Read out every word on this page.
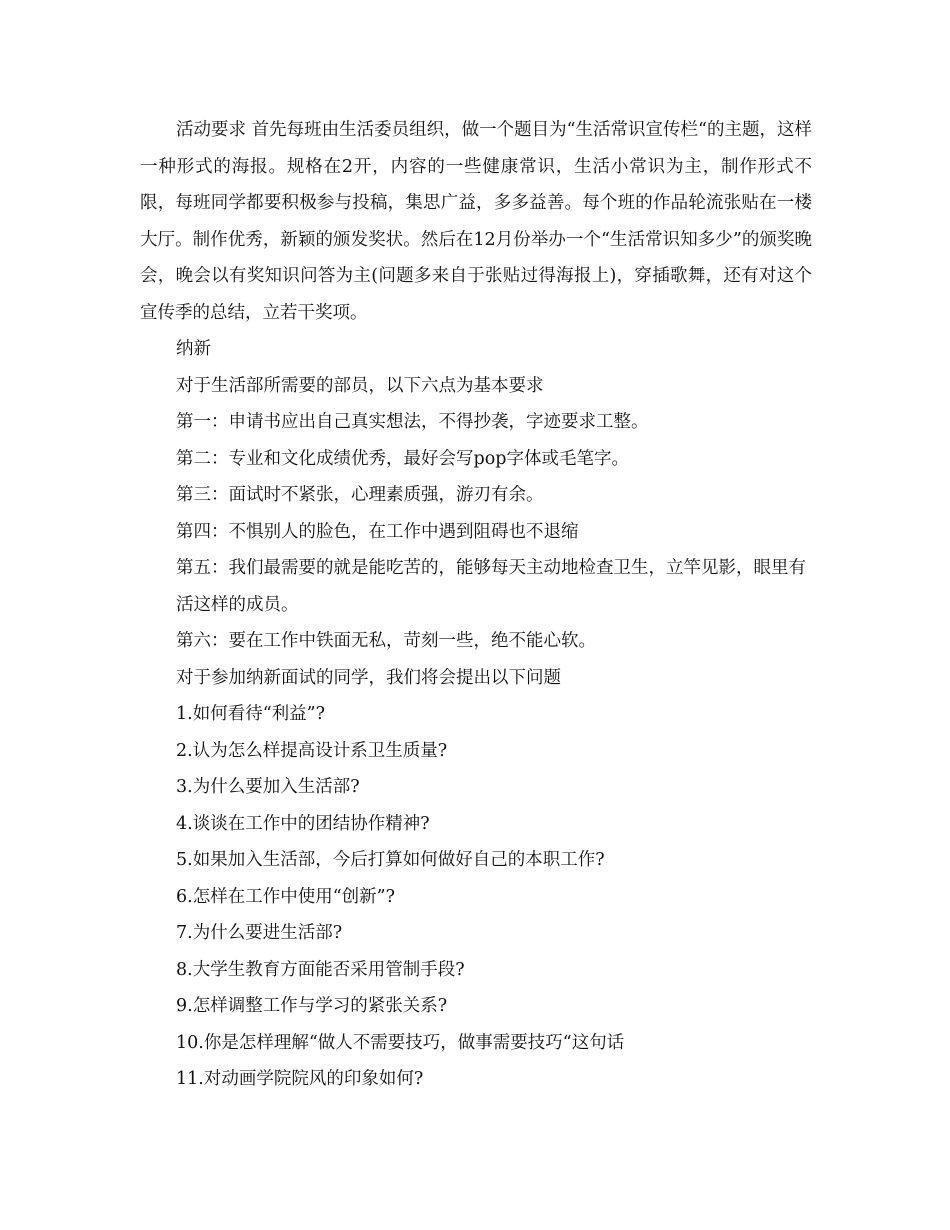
活动要求 首先每班由生活委员组织，做一个题目为“生活常识宣传栏“的主题，这样一种形式的海报。规格在2开，内容的一些健康常识，生活小常识为主，制作形式不限，每班同学都要积极参与投稿，集思广益，多多益善。每个班的作品轮流张贴在一楼大厅。制作优秀，新颖的颁发奖状。然后在12月份举办一个“生活常识知多少”的颁奖晚会，晚会以有奖知识问答为主(问题多来自于张贴过得海报上)，穿插歌舞，还有对这个宣传季的总结，立若干奖项。

纳新

对于生活部所需要的部员，以下六点为基本要求

第一：申请书应出自己真实想法，不得抄袭，字迹要求工整。

第二：专业和文化成绩优秀，最好会写pop字体或毛笔字。

第三：面试时不紧张，心理素质强，游刃有余。

第四：不惧别人的脸色，在工作中遇到阻碍也不退缩

第五：我们最需要的就是能吃苦的，能够每天主动地检查卫生，立竿见影，眼里有活这样的成员。

第六：要在工作中铁面无私，苛刻一些，绝不能心软。

对于参加纳新面试的同学，我们将会提出以下问题

1.如何看待“利益”?

2.认为怎么样提高设计系卫生质量?

3.为什么要加入生活部?

4.谈谈在工作中的团结协作精神?

5.如果加入生活部，今后打算如何做好自己的本职工作?

6.怎样在工作中使用“创新”?

7.为什么要进生活部?

8.大学生教育方面能否采用管制手段?

9.怎样调整工作与学习的紧张关系?

10.你是怎样理解“做人不需要技巧，做事需要技巧“这句话

11.对动画学院院风的印象如何?
